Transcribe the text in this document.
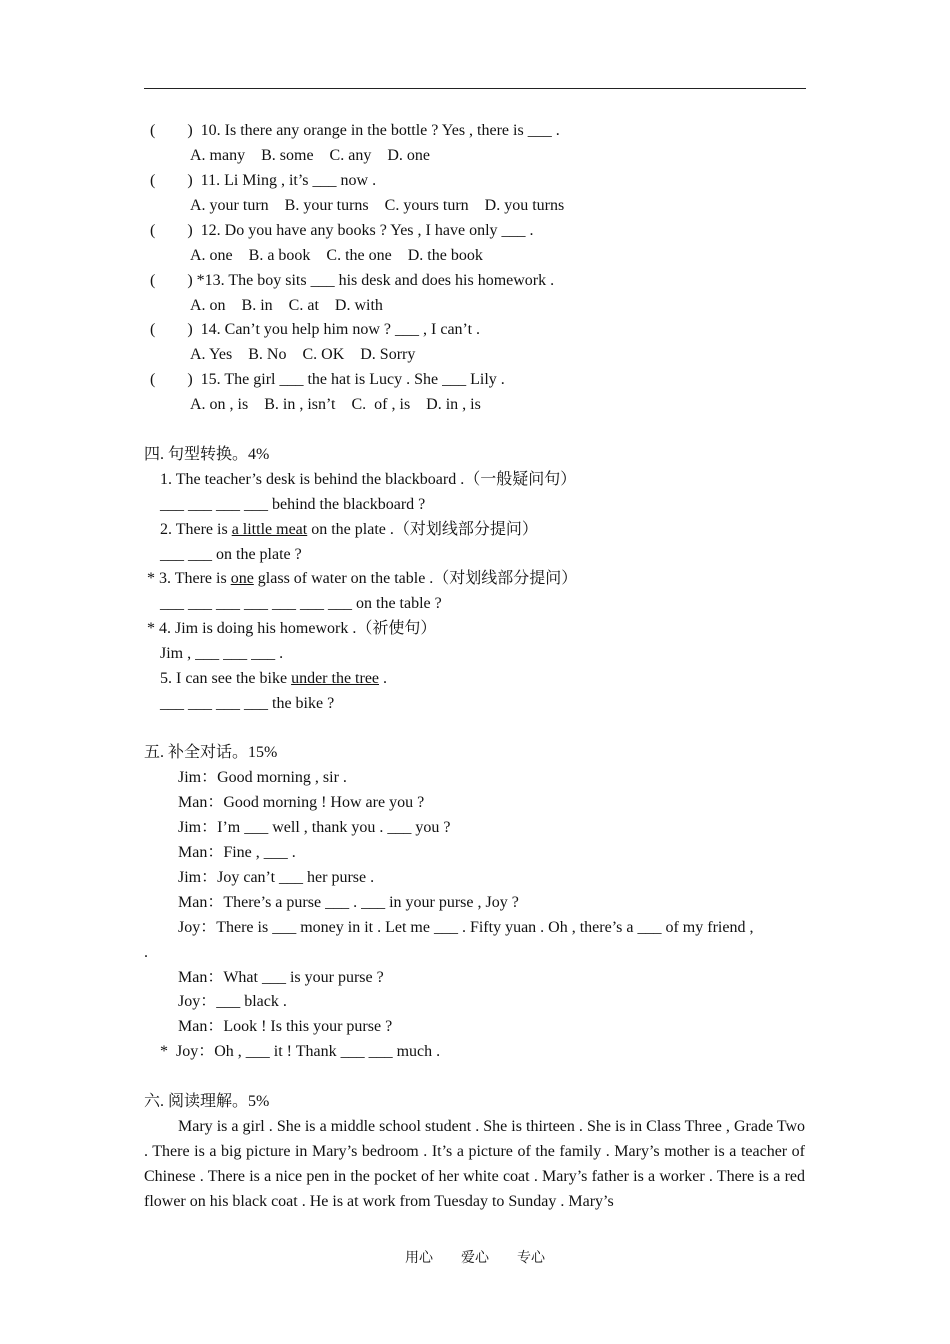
(　　)  10. Is there any orange in the bottle ? Yes , there is ___ .
A. many    B. some    C. any    D. one
(　　)  11. Li Ming , it’s ___ now .
A. your turn    B. your turns    C. yours turn    D. you turns
(　　)  12. Do you have any books ? Yes , I have only ___ .
A. one    B. a book    C. the one    D. the book
(　　) *13. The boy sits ___ his desk and does his homework .
A. on    B. in    C. at    D. with
(　　)  14. Can’t you help him now ? ___ , I can’t .
A. Yes    B. No    C. OK    D. Sorry
(　　)  15. The girl ___ the hat is Lucy . She ___ Lily .
A. on , is    B. in , isn’t    C.  of , is    D. in , is
四. 句型转换。4%
1. The teacher’s desk is behind the blackboard .（一般疑问句）
___ ___ ___ ___ behind the blackboard ?
2. There is a little meat on the plate .（对划线部分提问）
___ ___ on the plate ?
* 3. There is one glass of water on the table .（对划线部分提问）
___ ___ ___ ___ ___ ___ ___ on the table ?
* 4. Jim is doing his homework .（祈使句）
Jim , ___ ___ ___ .
5. I can see the bike under the tree .
___ ___ ___ ___ the bike ?
五. 补全对话。15%
Jim：Good morning , sir .
Man：Good morning ! How are you ?
Jim：I’m ___ well , thank you . ___ you ?
Man：Fine , ___ .
Jim：Joy can’t ___ her purse .
Man：There’s a purse ___ . ___ in your purse , Joy ?
Joy：There is ___ money in it . Let me ___ . Fifty yuan . Oh , there’s a ___ of my friend ,
.
Man：What ___ is your purse ?
Joy：___ black .
Man：Look ! Is this your purse ?
*  Joy：Oh , ___ it ! Thank ___ ___ much .
六. 阅读理解。5%
Mary is a girl . She is a middle school student . She is thirteen . She is in Class Three , Grade Two . There is a big picture in Mary’s bedroom . It’s a picture of the family . Mary’s mother is a teacher of Chinese . There is a nice pen in the pocket of her white coat . Mary’s father is a worker . There is a red flower on his black coat . He is at work from Tuesday to Sunday . Mary’s
用心　　爱心　　专心
